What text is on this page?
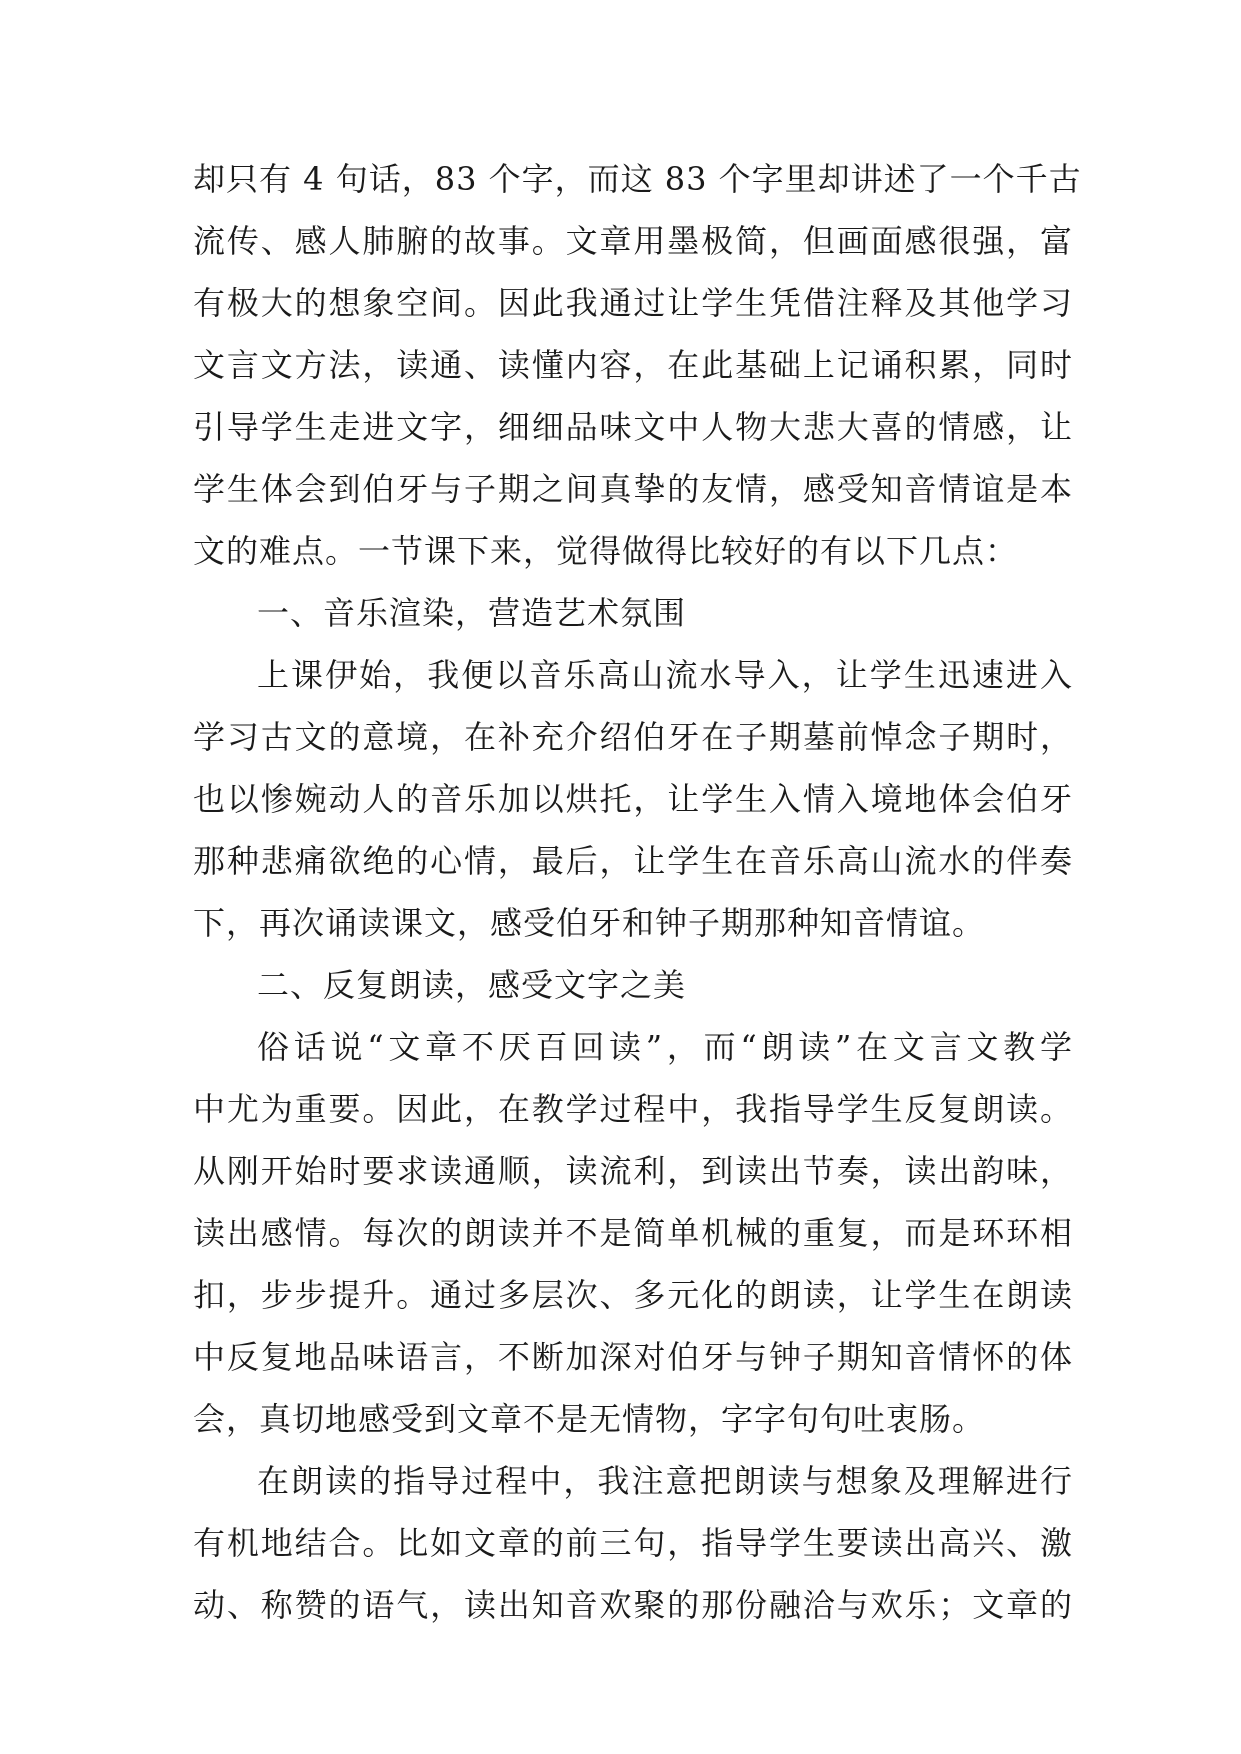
却只有 4 句话，83 个字，而这 83 个字里却讲述了一个千古
流传、感人肺腑的故事。文章用墨极简，但画面感很强，富
有极大的想象空间。因此我通过让学生凭借注释及其他学习
文言文方法，读通、读懂内容，在此基础上记诵积累，同时
引导学生走进文字，细细品味文中人物大悲大喜的情感，让
学生体会到伯牙与子期之间真挚的友情，感受知音情谊是本
文的难点。一节课下来，觉得做得比较好的有以下几点：
一、音乐渲染，营造艺术氛围
上课伊始，我便以音乐高山流水导入，让学生迅速进入
学习古文的意境，在补充介绍伯牙在子期墓前悼念子期时，
也以惨婉动人的音乐加以烘托，让学生入情入境地体会伯牙
那种悲痛欲绝的心情，最后，让学生在音乐高山流水的伴奏
下，再次诵读课文，感受伯牙和钟子期那种知音情谊。
二、反复朗读，感受文字之美
俗话说“文章不厌百回读”，而“朗读”在文言文教学
中尤为重要。因此，在教学过程中，我指导学生反复朗读。
从刚开始时要求读通顺，读流利，到读出节奏，读出韵味，
读出感情。每次的朗读并不是简单机械的重复，而是环环相
扣，步步提升。通过多层次、多元化的朗读，让学生在朗读
中反复地品味语言，不断加深对伯牙与钟子期知音情怀的体
会，真切地感受到文章不是无情物，字字句句吐衷肠。
在朗读的指导过程中，我注意把朗读与想象及理解进行
有机地结合。比如文章的前三句，指导学生要读出高兴、激
动、称赞的语气，读出知音欢聚的那份融洽与欢乐；文章的
